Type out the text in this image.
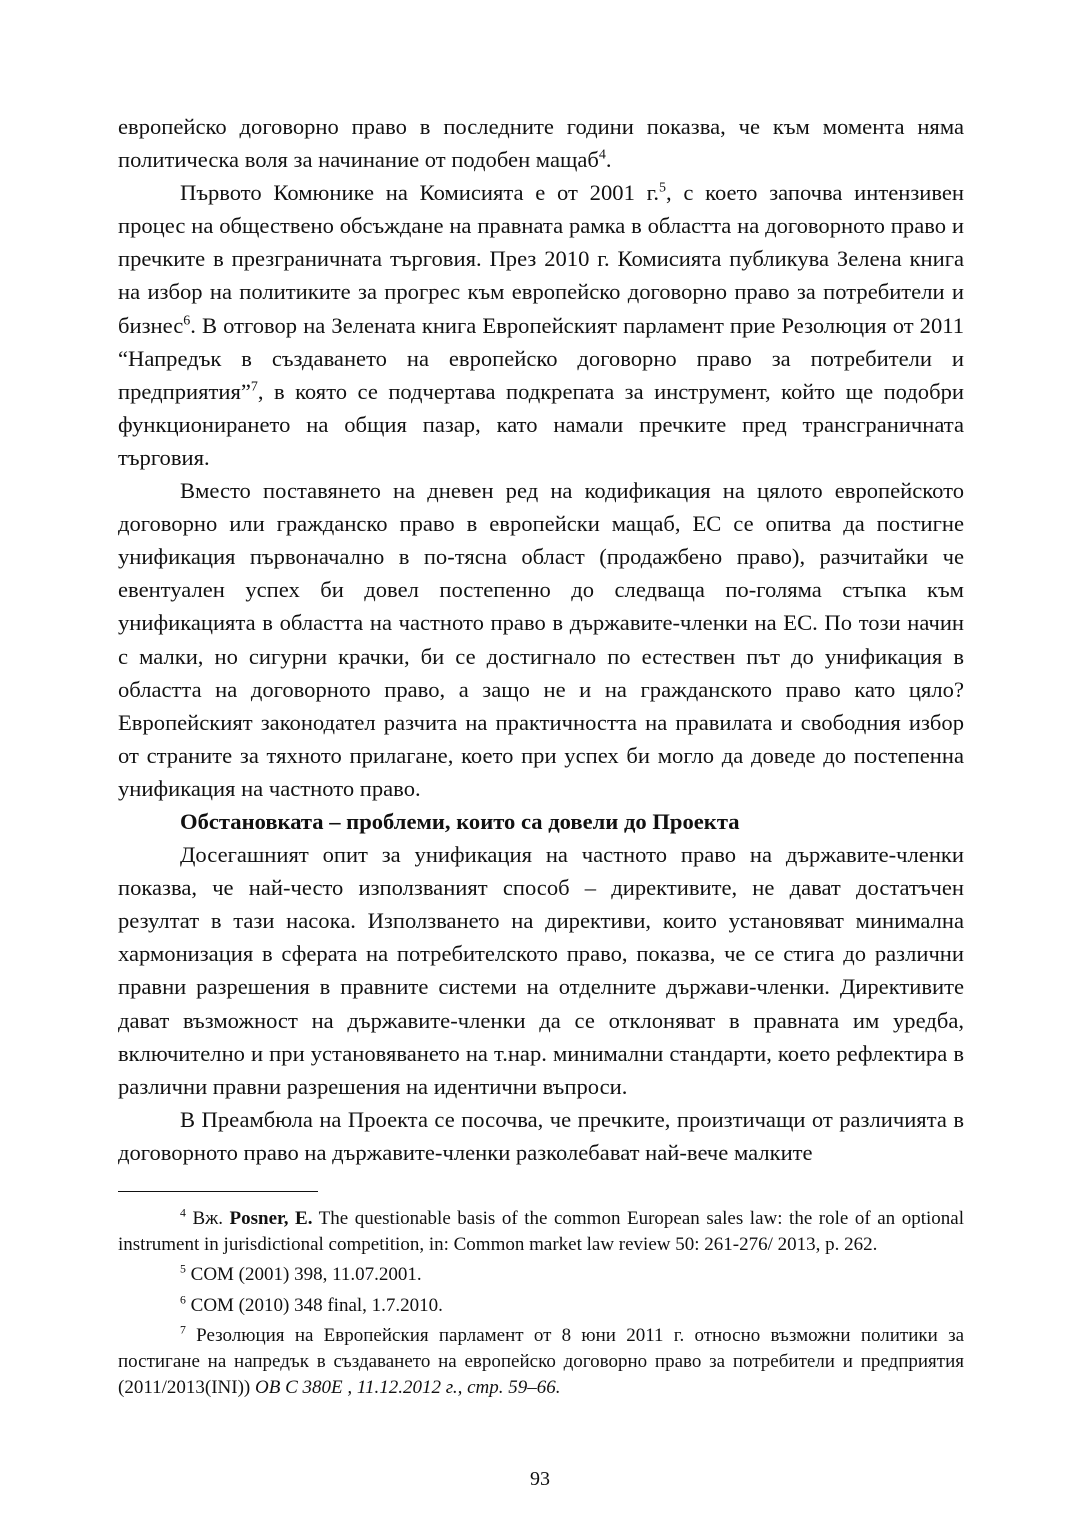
европейско договорно право в последните години показва, че към момента няма политическа воля за начинание от подобен мащаб$^4$.

Първото Комюнике на Комисията е от 2001 г.$^5$, с което започва интензивен процес на обществено обсъждане на правната рамка в областта на договорното право и пречките в презграничната търговия. През 2010 г. Комисията публикува Зелена книга на избор на политиките за прогрес към европейско договорно право за потребители и бизнес$^6$. В отговор на Зелената книга Европейският парламент прие Резолюция от 2011 “Напредък в създаването на европейско договорно право за потребители и предприятия”$^7$, в която се подчертава подкрепата за инструмент, който ще подобри функционирането на общия пазар, като намали пречките пред трансграничната търговия.

Вместо поставянето на дневен ред на кодификация на цялото европейското договорно или гражданско право в европейски мащаб, ЕС се опитва да постигне унификация първоначално в по-тясна област (продажбено право), разчитайки че евентуален успех би довел постепенно до следваща по-голяма стъпка към унификацията в областта на частното право в държавите-членки на ЕС. По този начин с малки, но сигурни крачки, би се достигнало по естествен път до унификация в областта на договорното право, а защо не и на гражданското право като цяло? Европейският законодател разчита на практичността на правилата и свободния избор от страните за тяхното прилагане, което при успех би могло да доведе до постепенна унификация на частното право.

Обстановката – проблеми, които са довели до Проекта

Досегашният опит за унификация на частното право на държавите-членки показва, че най-често използваният способ – директивите, не дават достатъчен резултат в тази насока. Използването на директиви, които установяват минимална хармонизация в сферата на потребителското право, показва, че се стига до различни правни разрешения в правните системи на отделните държави-членки. Директивите дават възможност на държавите-членки да се отклоняват в правната им уредба, включително и при установяването на т.нар. минимални стандарти, което рефлектира в различни правни разрешения на идентични въпроси.

В Преамбюла на Проекта се посочва, че пречките, произтичащи от различията в договорното право на държавите-членки разколебават най-вече малките

$^4$ Вж. Posner, E. The questionable basis of the common European sales law: the role of an optional instrument in jurisdictional competition, in: Common market law review 50: 261-276/ 2013, p. 262.

$^5$ COM (2001) 398, 11.07.2001.

$^6$ COM (2010) 348 final, 1.7.2010.

$^7$ Резолюция на Европейския парламент от 8 юни 2011 г. относно възможни политики за постигане на напредък в създаването на европейско договорно право за потребители и предприятия (2011/2013(INI)) ОВ С 380E , 11.12.2012 г., стр. 59–66.

93
